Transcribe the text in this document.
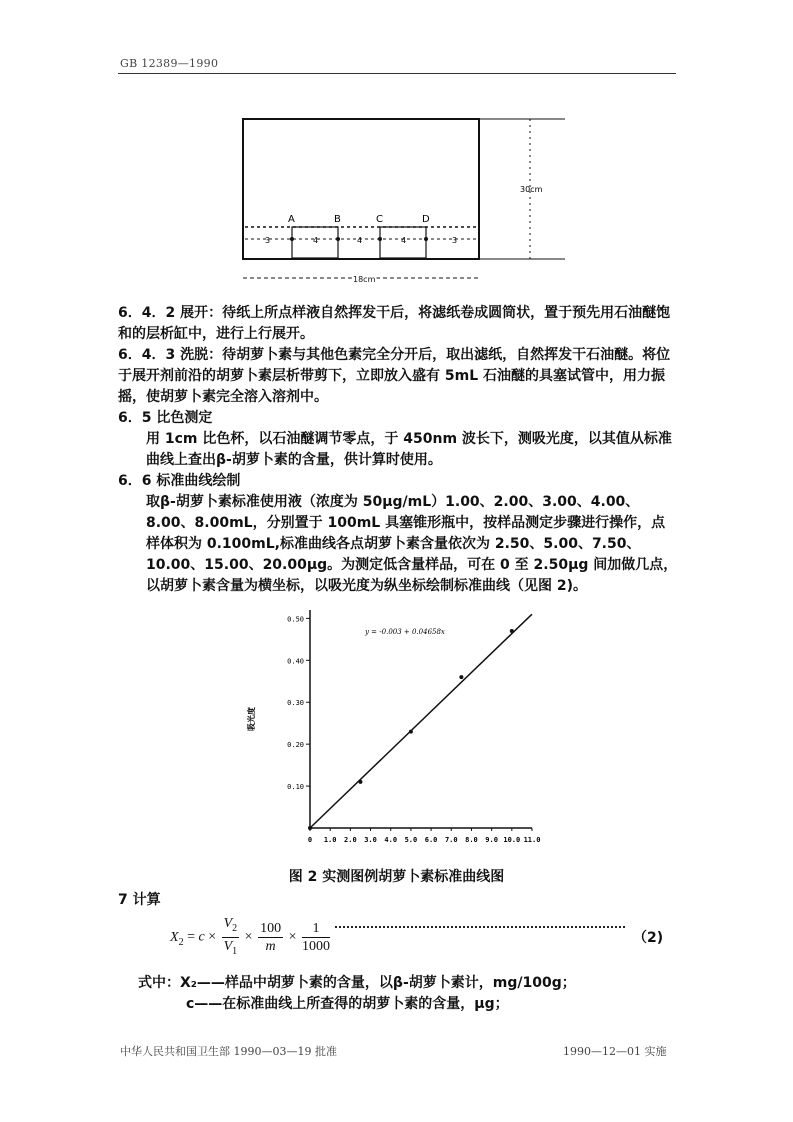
GB 12389—1990
A	B	C	D
3	4	4	4	3
18cm
30cm
6．4．2 展开：待纸上所点样液自然挥发干后，将滤纸卷成圆筒状，置于预先用石油醚饱和的层析缸中，进行上行展开。
6．4．3 洗脱：待胡萝卜素与其他色素完全分开后，取出滤纸，自然挥发干石油醚。将位于展开剂前沿的胡萝卜素层析带剪下，立即放入盛有 5mL 石油醚的具塞试管中，用力振摇，使胡萝卜素完全溶入溶剂中。
6．5 比色测定
用 1cm 比色杯，以石油醚调节零点，于 450nm 波长下，测吸光度，以其值从标准曲线上查出β-胡萝卜素的含量，供计算时使用。
6．6 标准曲线绘制
取β-胡萝卜素标准使用液（浓度为 50μg/mL）1.00、2.00、3.00、4.00、8.00、8.00mL，分别置于 100mL 具塞锥形瓶中，按样品测定步骤进行操作，点样体积为 0.100mL,标准曲线各点胡萝卜素含量依次为 2.50、5.00、7.50、10.00、15.00、20.00μg。为测定低含量样品，可在 0 至 2.50μg 间加做几点，以胡萝卜素含量为横坐标，以吸光度为纵坐标绘制标准曲线（见图 2)。
0.10
0.20
0.30
0.40
0.50
0 1.0 2.0 3.0 4.0 5.0 6.0 7.0 8.0 9.0 10.0 11.0
y = -0.003 + 0.04658x
吸光度
图 2 实测图例胡萝卜素标准曲线图
7 计算
$X_2 = c \times \frac{V_2}{V_1} \times \frac{100}{m} \times \frac{1}{1000}$	（2)
式中：X₂——样品中胡萝卜素的含量，以β-胡萝卜素计，mg/100g；
c——在标准曲线上所查得的胡萝卜素的含量，μg；
中华人民共和国卫生部 1990—03—19 批准	1990—12—01 实施
